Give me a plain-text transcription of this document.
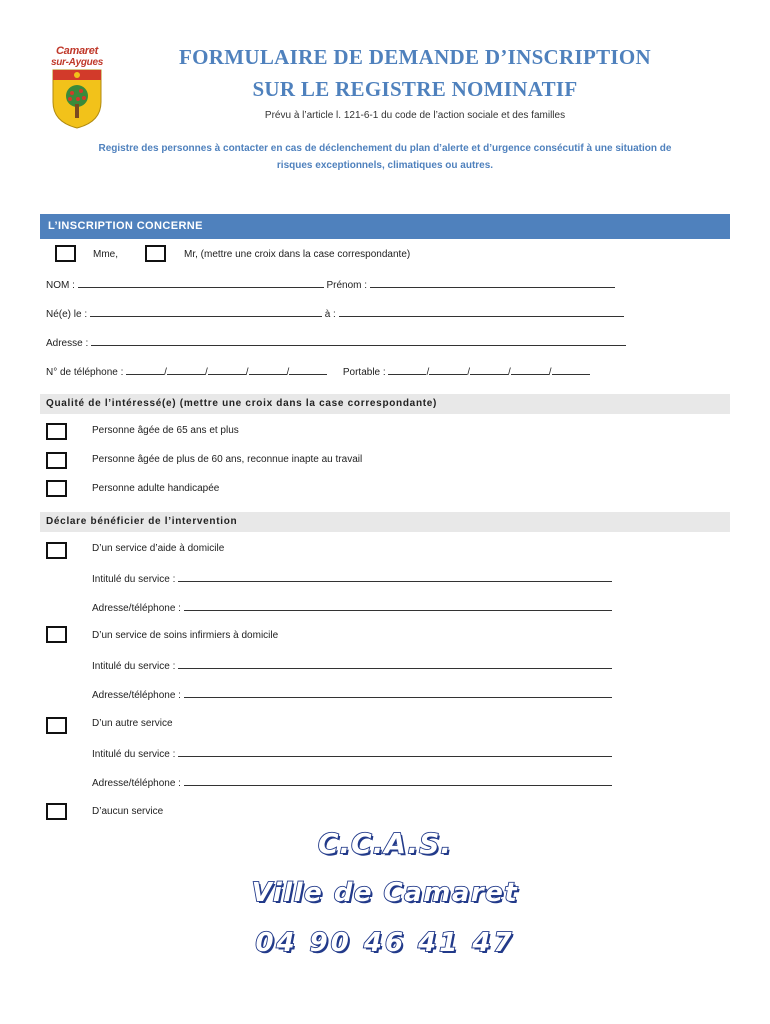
Camaret
sur-Aygues	FORMULAIRE DE DEMANDE D’INSCRIPTION
SUR LE REGISTRE NOMINATIF
Prévu à l’article l. 121-6-1 du code de l’action sociale et des familles
Registre des personnes à contacter en cas de déclenchement du plan d’alerte et d’urgence consécutif à une situation de
risques exceptionnels, climatiques ou autres.
L’INSCRIPTION CONCERNE
Mme,	Mr, (mettre une croix dans la case correspondante)
NOM :	Prénom :
Né(e) le :	à :
Adresse :
N° de téléphone :	/	/	/	/	Portable :	/	/	/	/
Qualité de l’intéressé(e) (mettre une croix dans la case correspondante)
Personne âgée de 65 ans et plus
Personne âgée de plus de 60 ans, reconnue inapte au travail
Personne adulte handicapée
Déclare bénéficier de l’intervention
D’un service d’aide à domicile
Intitulé du service :
Adresse/téléphone :
D’un service de soins infirmiers à domicile
Intitulé du service :
Adresse/téléphone :
D’un autre service
Intitulé du service :
Adresse/téléphone :
D’aucun service
C.C.A.S.
Ville de Camaret
04 90 46 41 47
